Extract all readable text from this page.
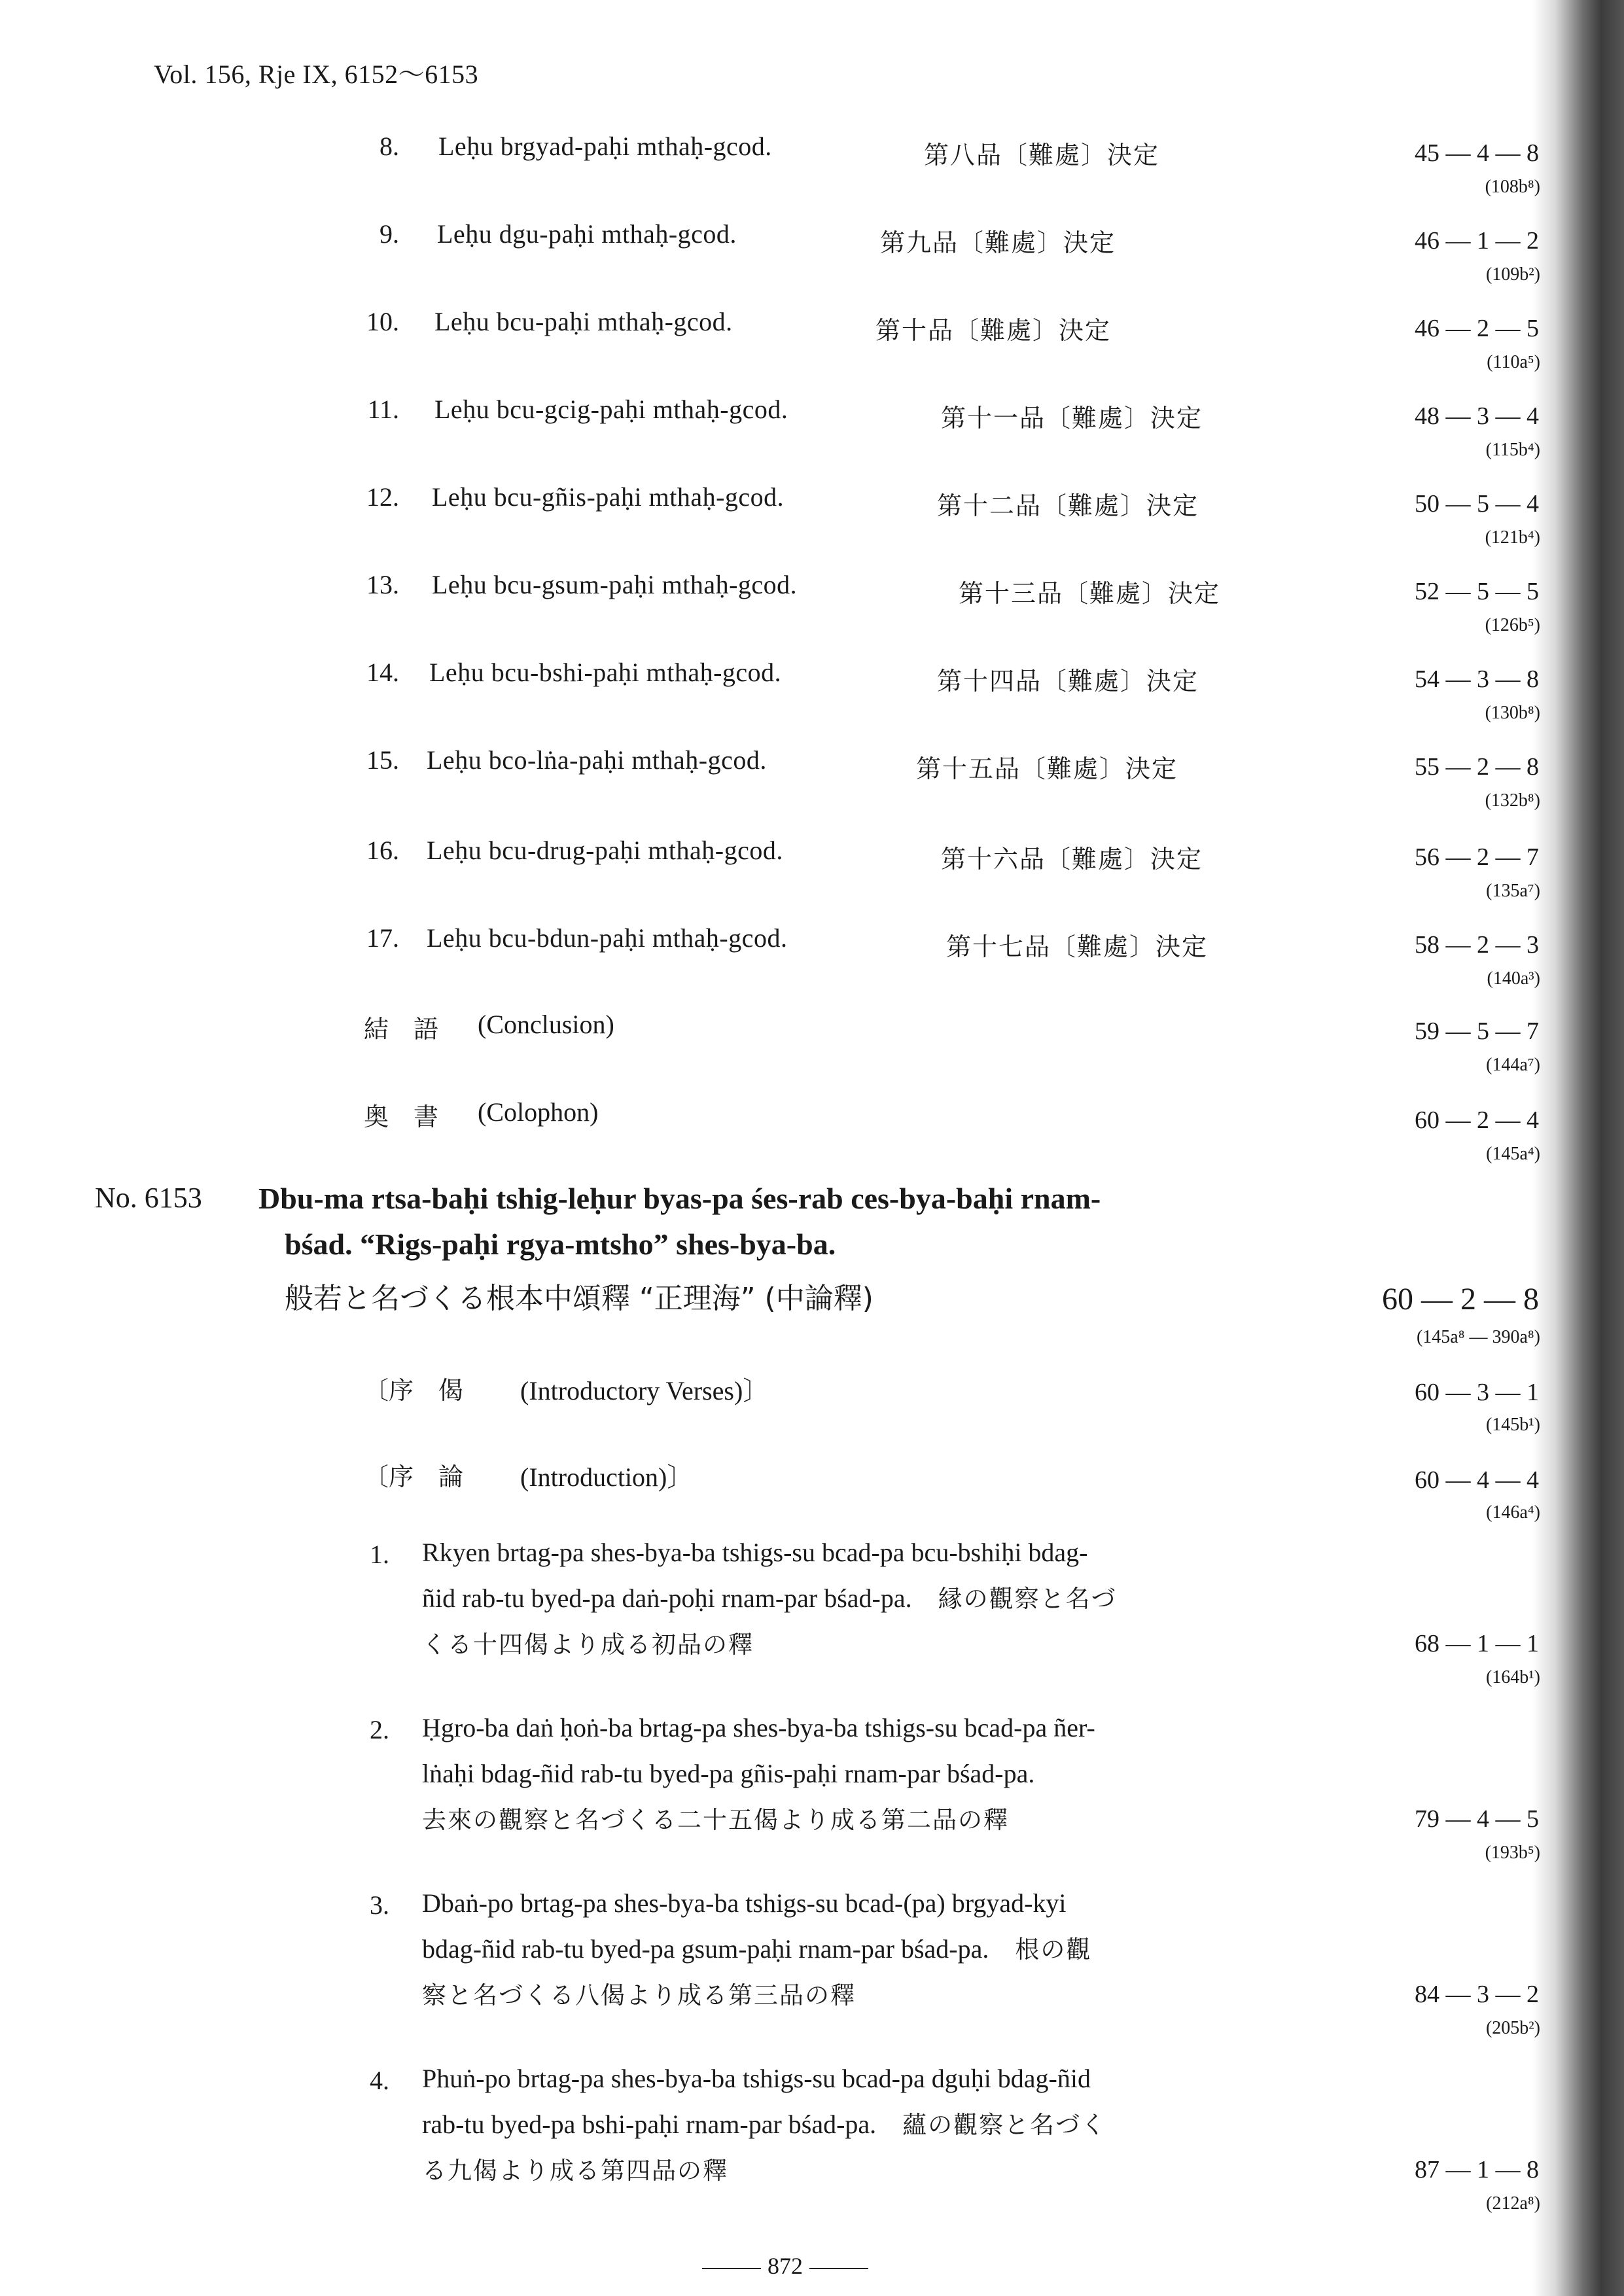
Vol. 156, Rje IX, 6152～6153
8. Leḥu brgyad-paḥi mthaḥ-gcod.	第八品〔難處〕決定	45 — 4 — 8
(108b⁸)
9. Leḥu dgu-paḥi mthaḥ-gcod.	第九品〔難處〕決定	46 — 1 — 2
(109b²)
10. Leḥu bcu-paḥi mthaḥ-gcod.	第十品〔難處〕決定	46 — 2 — 5
(110a⁵)
11. Leḥu bcu-gcig-paḥi mthaḥ-gcod.	第十一品〔難處〕決定	48 — 3 — 4
(115b⁴)
12. Leḥu bcu-gñis-paḥi mthaḥ-gcod.	第十二品〔難處〕決定	50 — 5 — 4
(121b⁴)
13. Leḥu bcu-gsum-paḥi mthaḥ-gcod.	第十三品〔難處〕決定	52 — 5 — 5
(126b⁵)
14. Leḥu bcu-bshi-paḥi mthaḥ-gcod.	第十四品〔難處〕決定	54 — 3 — 8
(130b⁸)
15. Leḥu bco-lṅa-paḥi mthaḥ-gcod.	第十五品〔難處〕決定	55 — 2 — 8
(132b⁸)
16. Leḥu bcu-drug-paḥi mthaḥ-gcod.	第十六品〔難處〕決定	56 — 2 — 7
(135a⁷)
17. Leḥu bcu-bdun-paḥi mthaḥ-gcod.	第十七品〔難處〕決定	58 — 2 — 3
(140a³)
結　語 (Conclusion)	59 — 5 — 7
(144a⁷)
奥　書 (Colophon)	60 — 2 — 4
(145a⁴)
No. 6153 Dbu-ma rtsa-baḥi tshig-leḥur byas-pa śes-rab ces-bya-baḥi rnam-
bśad. “Rigs-paḥi rgya-mtsho” shes-bya-ba.
般若と名づくる根本中頌釋 “正理海” (中論釋)	60 — 2 — 8
(145a⁸ — 390a⁸)
〔序　偈 (Introductory Verses)〕	60 — 3 — 1
(145b¹)
〔序　論 (Introduction)〕	60 — 4 — 4
(146a⁴)
1. Rkyen brtag-pa shes-bya-ba tshigs-su bcad-pa bcu-bshiḥi bdag-
ñid rab-tu byed-pa daṅ-poḥi rnam-par bśad-pa.  縁の觀察と名づ
くる十四偈より成る初品の釋	68 — 1 — 1
(164b¹)
2. Ḥgro-ba daṅ ḥoṅ-ba brtag-pa shes-bya-ba tshigs-su bcad-pa ñer-
lṅaḥi bdag-ñid rab-tu byed-pa gñis-paḥi rnam-par bśad-pa. 
去來の觀察と名づくる二十五偈より成る第二品の釋	79 — 4 — 5
(193b⁵)
3. Dbaṅ-po brtag-pa shes-bya-ba tshigs-su bcad-(pa) brgyad-kyi
bdag-ñid rab-tu byed-pa gsum-paḥi rnam-par bśad-pa.  根の觀
察と名づくる八偈より成る第三品の釋	84 — 3 — 2
(205b²)
4. Phuṅ-po brtag-pa shes-bya-ba tshigs-su bcad-pa dguḥi bdag-ñid
rab-tu byed-pa bshi-paḥi rnam-par bśad-pa.  蘊の觀察と名づく
る九偈より成る第四品の釋	87 — 1 — 8
(212a⁸)
872
